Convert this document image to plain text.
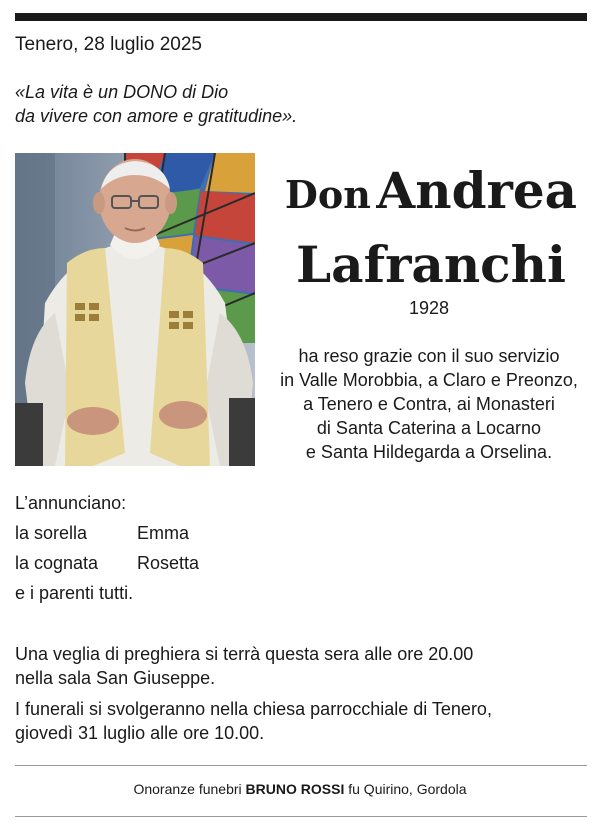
Tenero, 28 luglio 2025
«La vita è un DONO di Dio
da vivere con amore e gratitudine».
Don Andrea
Lafranchi
1928
ha reso grazie con il suo servizio
in Valle Morobbia, a Claro e Preonzo,
a Tenero e Contra, ai Monasteri
di Santa Caterina a Locarno
e Santa Hildegarda a Orselina.
L’annunciano:
la sorella	Emma
la cognata Rosetta
e i parenti tutti.
Una veglia di preghiera si terrà questa sera alle ore 20.00
nella sala San Giuseppe.
I funerali si svolgeranno nella chiesa parrocchiale di Tenero,
giovedì 31 luglio alle ore 10.00.
Onoranze funebri BRUNO ROSSI fu Quirino, Gordola
